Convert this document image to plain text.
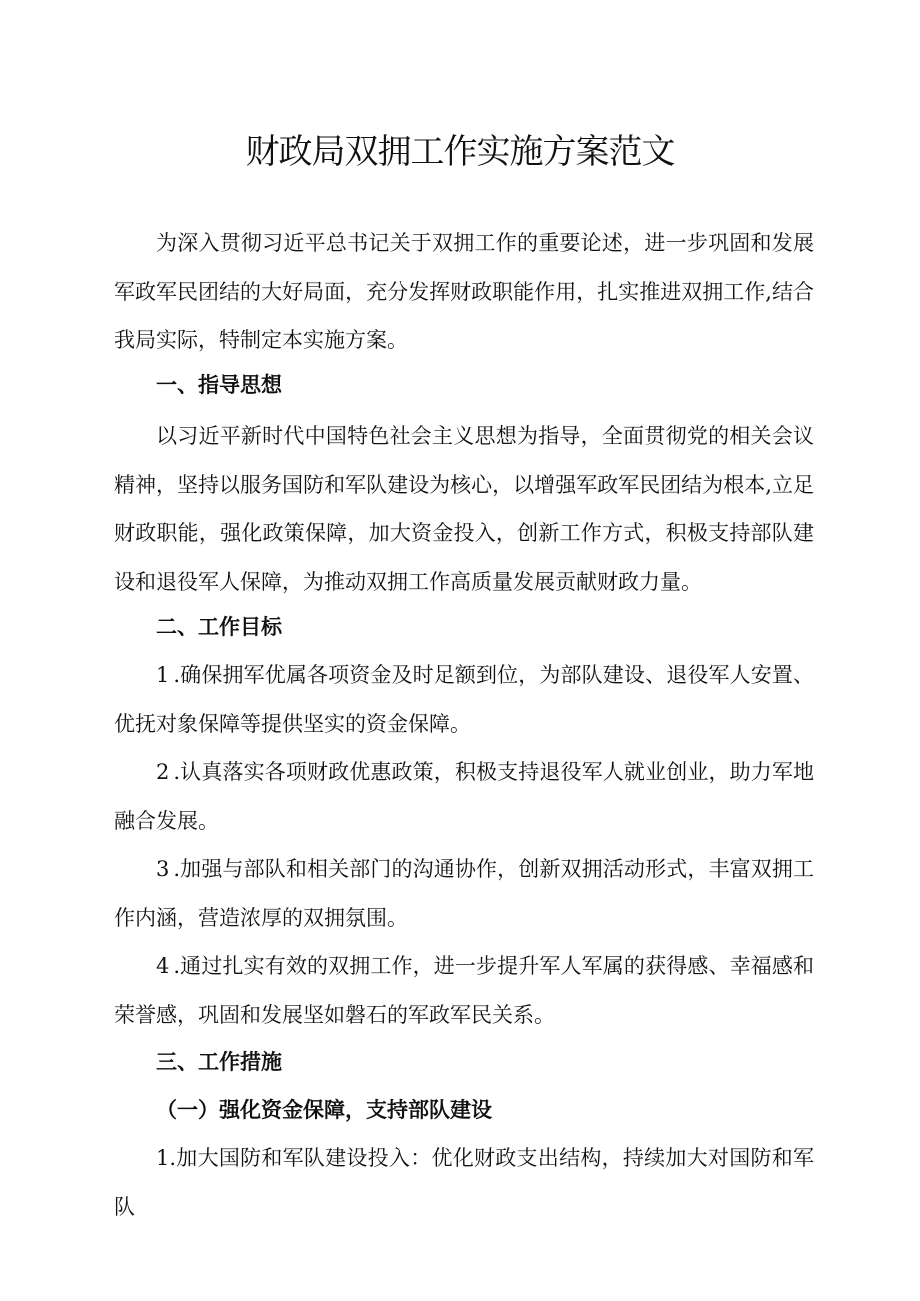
财政局双拥工作实施方案范文

为深入贯彻习近平总书记关于双拥工作的重要论述，进一步巩固和发展军政军民团结的大好局面，充分发挥财政职能作用，扎实推进双拥工作,结合我局实际，特制定本实施方案。

一、指导思想

以习近平新时代中国特色社会主义思想为指导，全面贯彻党的相关会议精神，坚持以服务国防和军队建设为核心，以增强军政军民团结为根本,立足财政职能，强化政策保障，加大资金投入，创新工作方式，积极支持部队建设和退役军人保障，为推动双拥工作高质量发展贡献财政力量。

二、工作目标

1.确保拥军优属各项资金及时足额到位，为部队建设、退役军人安置、优抚对象保障等提供坚实的资金保障。

2.认真落实各项财政优惠政策，积极支持退役军人就业创业，助力军地融合发展。

3.加强与部队和相关部门的沟通协作，创新双拥活动形式，丰富双拥工作内涵，营造浓厚的双拥氛围。

4.通过扎实有效的双拥工作，进一步提升军人军属的获得感、幸福感和荣誉感，巩固和发展坚如磐石的军政军民关系。

三、工作措施
（一）强化资金保障，支持部队建设

1.加大国防和军队建设投入：优化财政支出结构，持续加大对国防和军队
